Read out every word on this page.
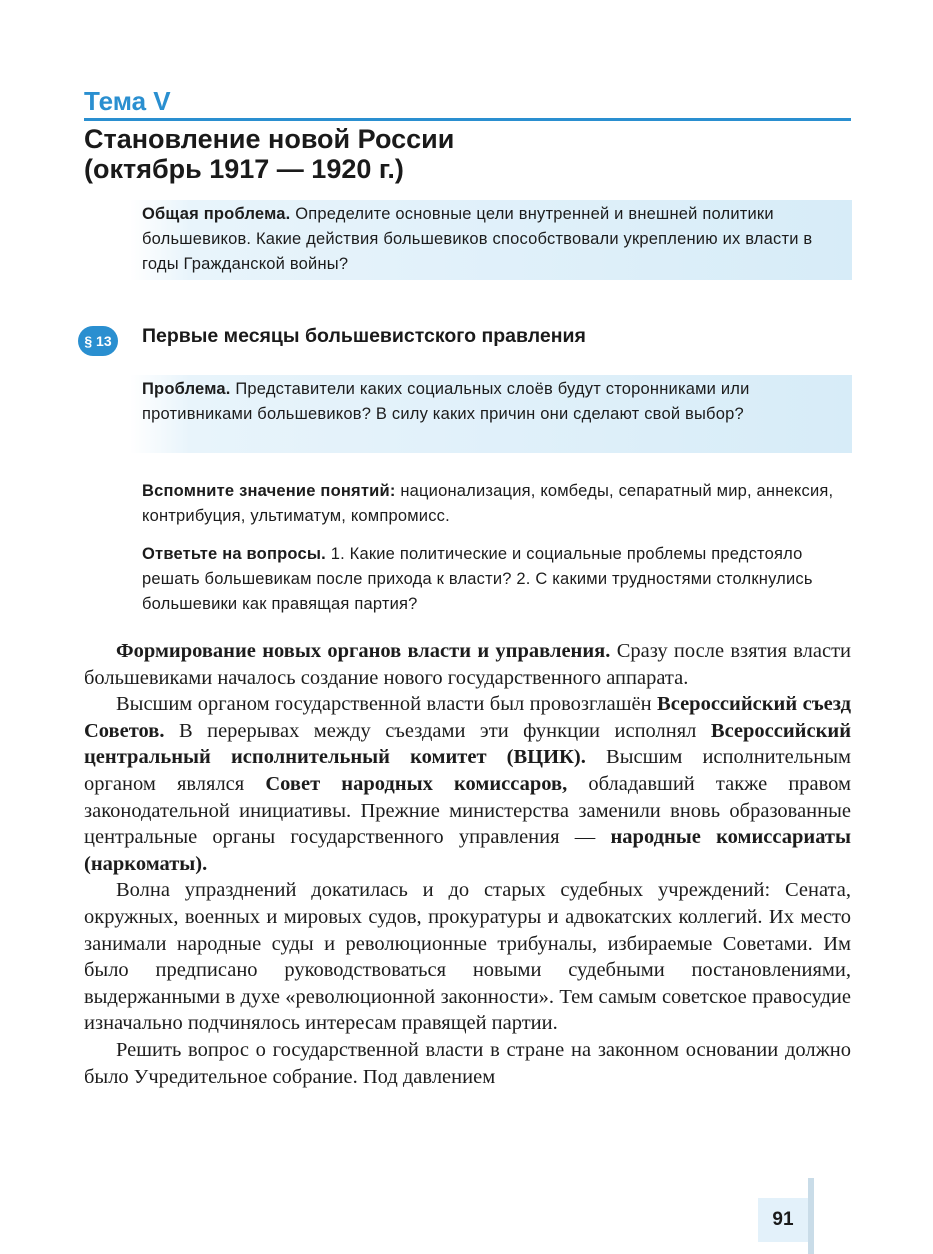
Тема V
Становление новой России
(октябрь 1917 — 1920 г.)
Общая проблема. Определите основные цели внутренней и внешней политики большевиков. Какие действия большевиков способствовали укреплению их власти в годы Гражданской войны?
§ 13	Первые месяцы большевистского правления
Проблема. Представители каких социальных слоёв будут сторонниками или противниками большевиков? В силу каких причин они сделают свой выбор?
Вспомните значение понятий: национализация, комбеды, сепаратный мир, аннексия, контрибуция, ультиматум, компромисс.
Ответьте на вопросы. 1. Какие политические и социальные проблемы предстояло решать большевикам после прихода к власти? 2. С какими трудностями столкнулись большевики как правящая партия?

Формирование новых органов власти и управления. Сразу после взятия власти большевиками началось создание нового государственного аппарата.

Высшим органом государственной власти был провозглашён Всероссийский съезд Советов. В перерывах между съездами эти функции исполнял Всероссийский центральный исполнительный комитет (ВЦИК). Высшим исполнительным органом являлся Совет народных комиссаров, обладавший также правом законодательной инициативы. Прежние министерства заменили вновь образованные центральные органы государственного управления — народные комиссариаты (наркоматы).

Волна упразднений докатилась и до старых судебных учреждений: Сената, окружных, военных и мировых судов, прокуратуры и адвокатских коллегий. Их место занимали народные суды и революционные трибуналы, избираемые Советами. Им было предписано руководствоваться новыми судебными постановлениями, выдержанными в духе «революционной законности». Тем самым советское правосудие изначально подчинялось интересам правящей партии.

Решить вопрос о государственной власти в стране на законном основании должно было Учредительное собрание. Под давлением

91
